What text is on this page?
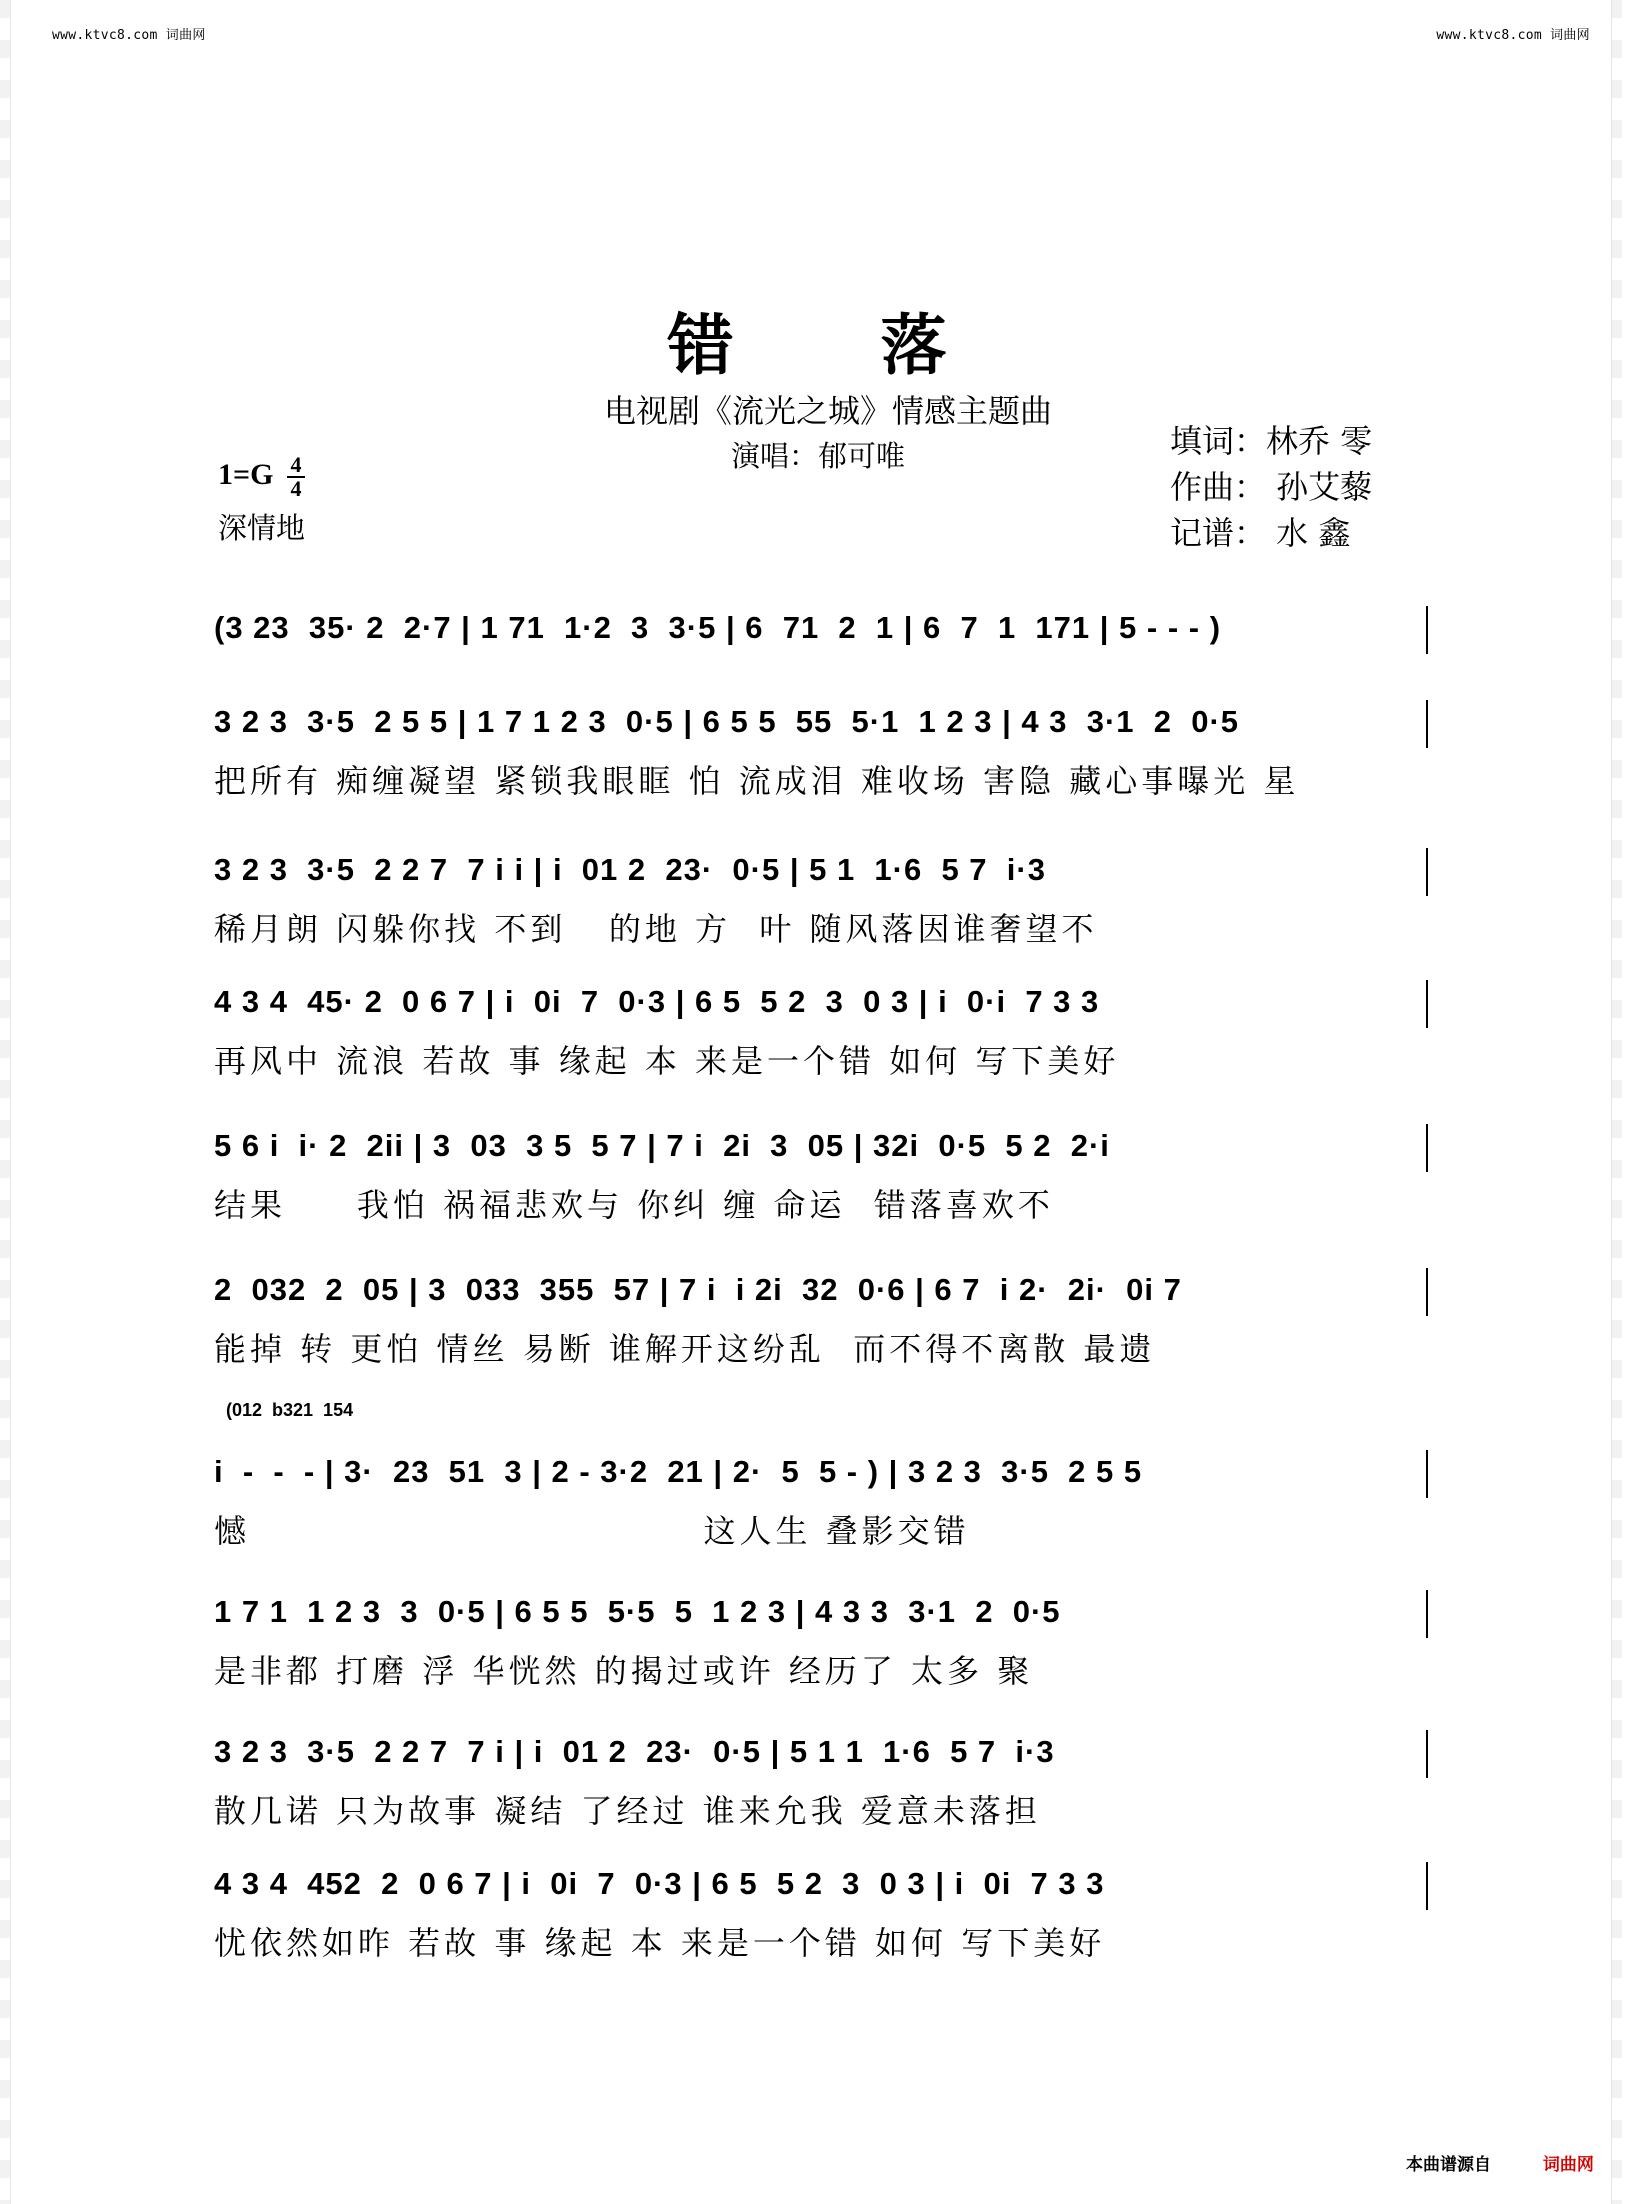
www.ktvc8.com 词曲网	www.ktvc8.com 词曲网
错 落
电视剧《流光之城》情感主题曲
演唱：郁可唯	填词：林乔 零
作曲： 孙艾藜
记谱： 水 鑫
$1=G \frac{4}{4}$
深情地
(3 23  35· 2  2·7 | 1 71  1·2  3  3·5 | 6  71  2  1 | 6  7  1  171 | 5 - - - )
3 2 3  3·5  2 5 5 | 1 7 1 2 3  0·5 | 6 5 5  55  5·1  1 2 3 | 4 3  3·1  2  0·5
把所有 痴缠凝望 紧锁我眼眶 怕 流成泪 难收场 害隐 藏心事曝光 星
3 2 3  3·5  2 2 7  7 i i | i  01 2  23·  0·5 | 5 1  1·6  5 7  i·3
稀月朗 闪躲你找 不到   的地 方  叶 随风落因谁奢望不
4 3 4  45· 2  0 6 7 | i  0i  7  0·3 | 6 5  5 2  3  0 3 | i  0·i  7 3 3
再风中 流浪 若故 事 缘起 本 来是一个错 如何 写下美好
5 6 i  i· 2  2ii | 3  03  3 5  5 7 | 7 i  2i  3  05 | 32i  0·5  5 2  2·i
结果     我怕 祸福悲欢与 你纠 缠 命运  错落喜欢不
2  032  2  05 | 3  033  355  57 | 7 i  i 2i  32  0·6 | 6 7  i 2·  2i·  0i 7
能掉 转 更怕 情丝 易断 谁解开这纷乱  而不得不离散 最遗
(012  b321  154
i  -  -  - | 3·  23  51  3 | 2 - 3·2  21 | 2·  5  5 - ) | 3 2 3  3·5  2 5 5
憾                                这人生 叠影交错
1 7 1  1 2 3  3  0·5 | 6 5 5  5·5  5  1 2 3 | 4 3 3  3·1  2  0·5
是非都 打磨 浮 华恍然 的揭过或许 经历了 太多 聚
3 2 3  3·5  2 2 7  7 i | i  01 2  23·  0·5 | 5 1 1  1·6  5 7  i·3
散几诺 只为故事 凝结 了经过 谁来允我 爱意未落担
4 3 4  452  2  0 6 7 | i  0i  7  0·3 | 6 5  5 2  3  0 3 | i  0i  7 3 3
忧依然如昨 若故 事 缘起 本 来是一个错 如何 写下美好
本曲谱源自	词曲网
